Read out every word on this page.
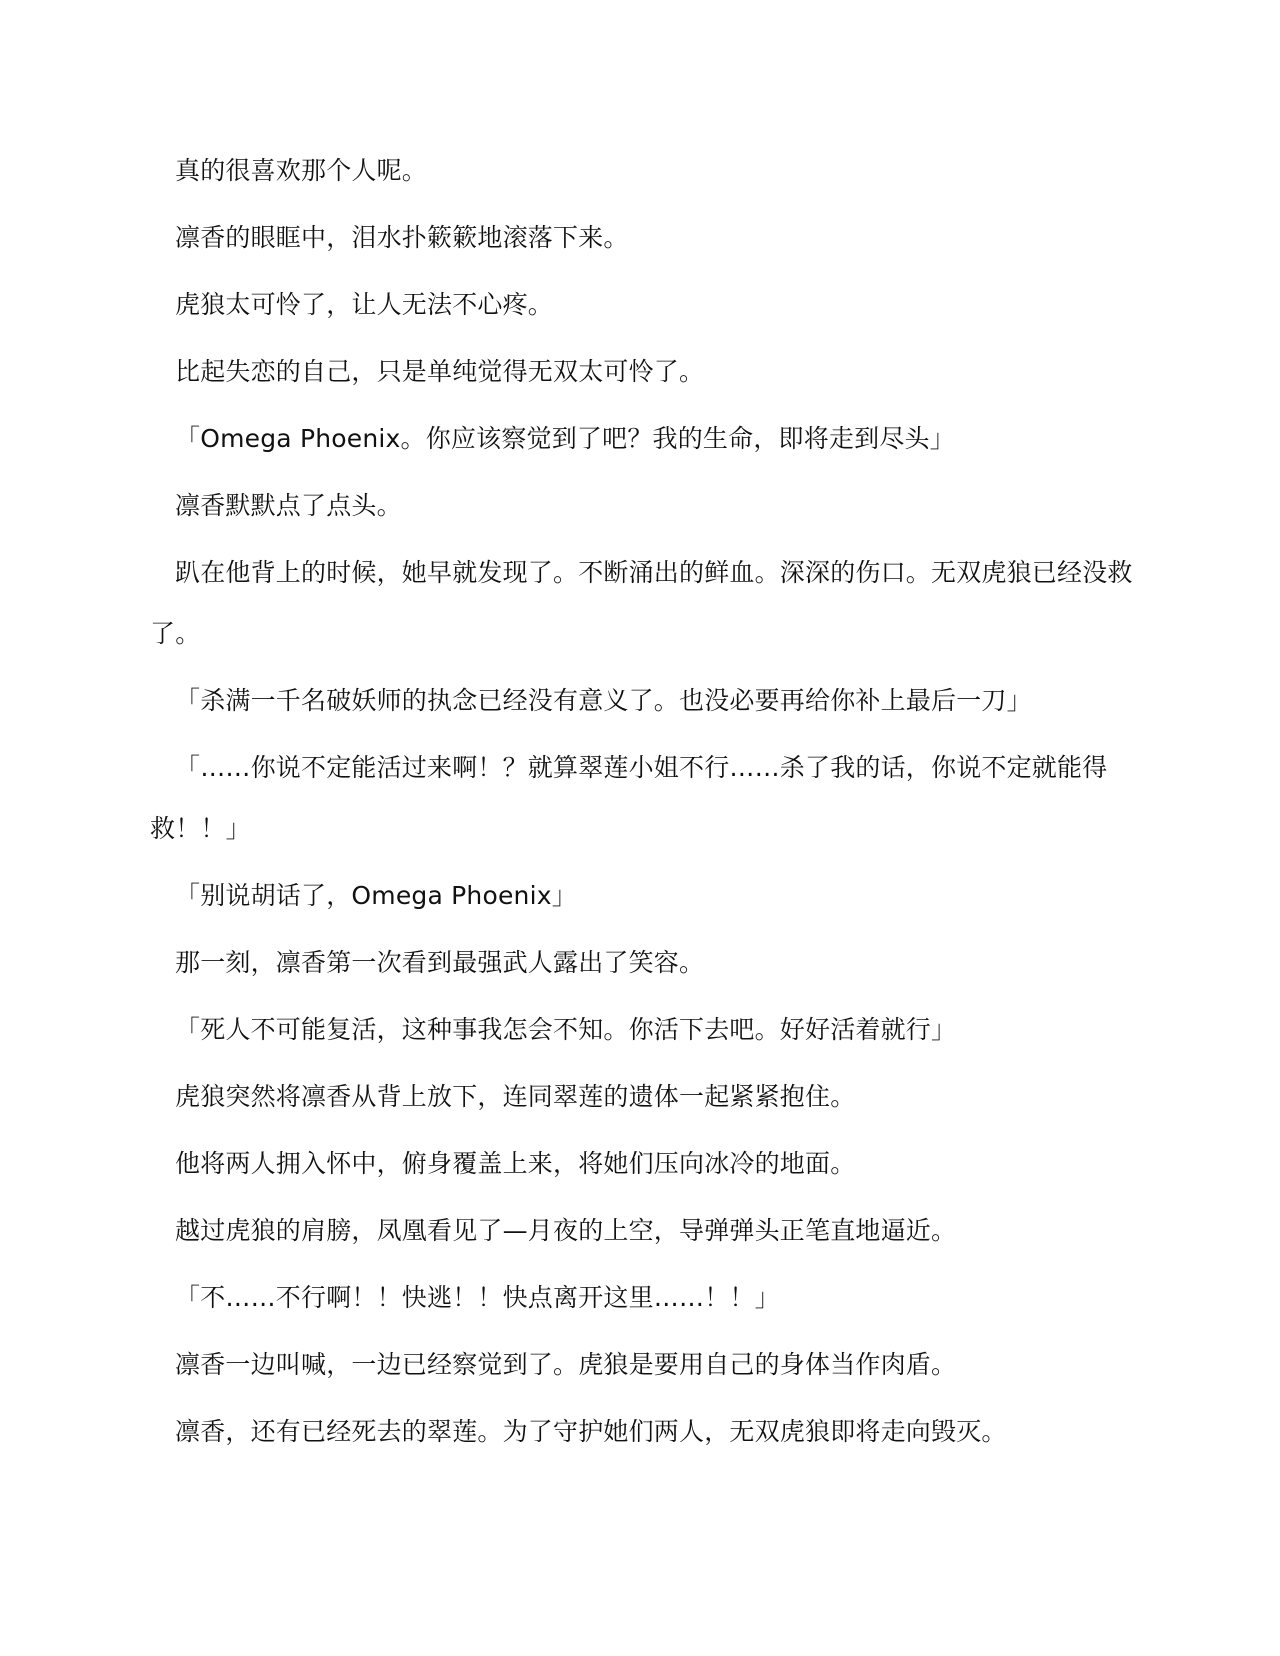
真的很喜欢那个人呢。

凛香的眼眶中，泪水扑簌簌地滚落下来。

虎狼太可怜了，让人无法不心疼。

比起失恋的自己，只是单纯觉得无双太可怜了。

「Omega Phoenix。你应该察觉到了吧？我的生命，即将走到尽头」

凛香默默点了点头。

趴在他背上的时候，她早就发现了。不断涌出的鲜血。深深的伤口。无双虎狼已经没救了。

「杀满一千名破妖师的执念已经没有意义了。也没必要再给你补上最后一刀」

「……你说不定能活过来啊！？就算翠莲小姐不行……杀了我的话，你说不定就能得救！！」

「别说胡话了，Omega Phoenix」

那一刻，凛香第一次看到最强武人露出了笑容。

「死人不可能复活，这种事我怎会不知。你活下去吧。好好活着就行」

虎狼突然将凛香从背上放下，连同翠莲的遗体一起紧紧抱住。

他将两人拥入怀中，俯身覆盖上来，将她们压向冰冷的地面。

越过虎狼的肩膀，凤凰看见了—月夜的上空，导弹弹头正笔直地逼近。

「不……不行啊！！快逃！！快点离开这里……！！」

凛香一边叫喊，一边已经察觉到了。虎狼是要用自己的身体当作肉盾。

凛香，还有已经死去的翠莲。为了守护她们两人，无双虎狼即将走向毁灭。
